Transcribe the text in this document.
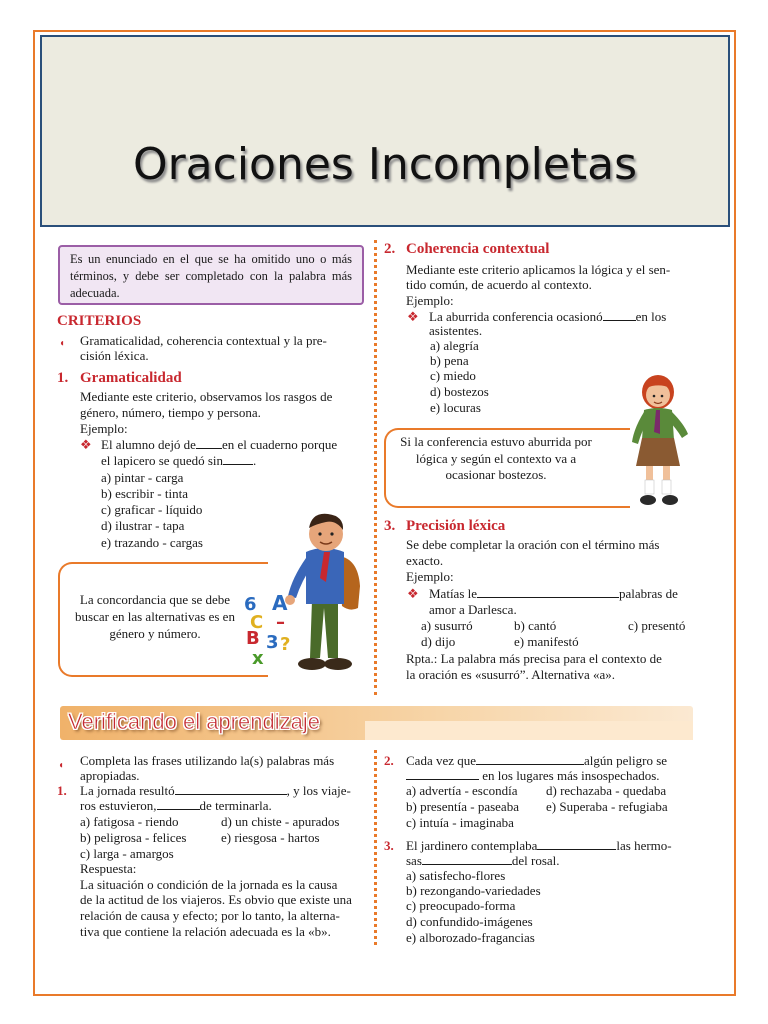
Oraciones Incompletas
Es un enunciado en el que se ha omitido uno o más términos, y debe ser completado con la palabra más adecuada.
CRITERIOS
◖ Gramaticalidad, coherencia contextual y la pre-
cisión léxica.
1. Gramaticalidad
Mediante este criterio, observamos los rasgos de
género, número, tiempo y persona.
Ejemplo:
❖ El alumno dejó de en el cuaderno porque
el lapicero se quedó sin .
a) pintar - carga
b) escribir - tinta
c) graficar - líquido
d) ilustrar - tapa
e) trazando - cargas
La concordancia que se debe buscar en las alternativas es en género y número.
6 A
C –
B 3 ?
x
2. Coherencia contextual
Mediante este criterio aplicamos la lógica y el sen-
tido común, de acuerdo al contexto.
Ejemplo:
❖ La aburrida conferencia ocasionó	en los
asistentes.
a) alegría
b) pena
c) miedo
d) bostezos
e) locuras
Si la conferencia estuvo aburrida por lógica y según el contexto va a ocasionar bostezos.
3. Precisión léxica
Se debe completar la oración con el término más
exacto.
Ejemplo:
❖ Matías le	palabras de
amor a Darlesca.
a) susurró	b) cantó	c) presentó
d) dijo	e) manifestó
Rpta.: La palabra más precisa para el contexto de
la oración es «susurró”. Alternativa «a».
Verificando el aprendizaje
◖ Completa las frases utilizando la(s) palabras más
apropiadas.
1. La jornada resultó	, y los viaje-
ros estuvieron,	de terminarla.
a) fatigosa - riendo	d) un chiste - apurados
b) peligrosa - felices	e) riesgosa - hartos
c) larga - amargos
Respuesta:
La situación o condición de la jornada es la causa
de la actitud de los viajeros. Es obvio que existe una
relación de causa y efecto; por lo tanto, la alterna-
tiva que contiene la relación adecuada es la «b».
2. Cada vez que	algún peligro se
en los lugares más insospechados.
a) advertía - escondía d) rechazaba - quedaba
b) presentía - paseaba e) Superaba - refugiaba
c) intuía - imaginaba
3. El jardinero contemplaba	las hermo-
sas	del rosal.
a) satisfecho-flores
b) rezongando-variedades
c) preocupado-forma
d) confundido-imágenes
e) alborozado-fragancias
